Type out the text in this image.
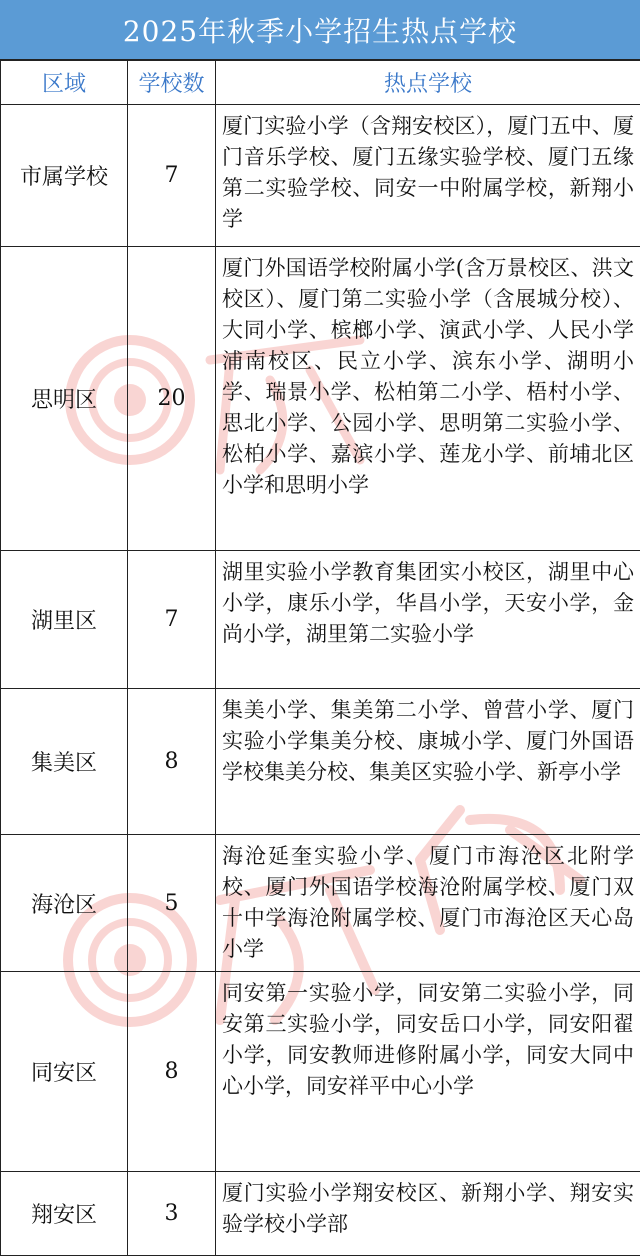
2025年秋季小学招生热点学校
区域	学校数	热点学校
市属学校	7	厦门实验小学（含翔安校区），厦门五中、厦门音乐学校、厦门五缘实验学校、厦门五缘第二实验学校、同安一中附属学校，新翔小学
思明区	20	厦门外国语学校附属小学(含万景校区、洪文校区）、厦门第二实验小学（含展城分校）、大同小学、槟榔小学、演武小学、人民小学浦南校区、民立小学、滨东小学、湖明小学、瑞景小学、松柏第二小学、梧村小学、思北小学、公园小学、思明第二实验小学、松柏小学、嘉滨小学、莲龙小学、前埔北区小学和思明小学
湖里区	7	湖里实验小学教育集团实小校区，湖里中心小学，康乐小学，华昌小学，天安小学，金尚小学，湖里第二实验小学
集美区	8	集美小学、集美第二小学、曾营小学、厦门实验小学集美分校、康城小学、厦门外国语学校集美分校、集美区实验小学、新亭小学
海沧区	5	海沧延奎实验小学、厦门市海沧区北附学校、厦门外国语学校海沧附属学校、厦门双十中学海沧附属学校、厦门市海沧区天心岛小学
同安区	8	同安第一实验小学，同安第二实验小学，同安第三实验小学，同安岳口小学，同安阳翟小学，同安教师进修附属小学，同安大同中心小学，同安祥平中心小学
翔安区	3	厦门实验小学翔安校区、新翔小学、翔安实验学校小学部
